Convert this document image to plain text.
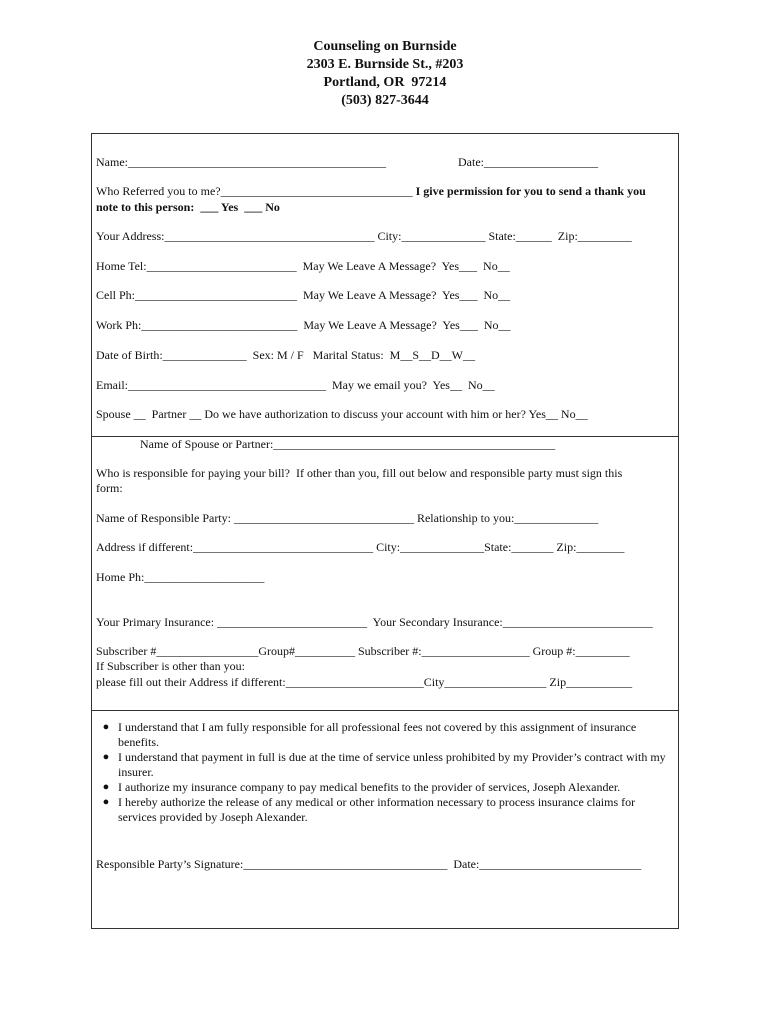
Counseling on Burnside
2303 E. Burnside St., #203
Portland, OR  97214
(503) 827-3644
Name:___________________________________________	Date:___________________
Who Referred you to me?________________________________ I give permission for you to send a thank you
note to this person:  ___ Yes  ___ No
Your Address:___________________________________ City:______________ State:______  Zip:_________
Home Tel:_________________________  May We Leave A Message?  Yes___  No__
Cell Ph:___________________________  May We Leave A Message?  Yes___  No__
Work Ph:__________________________  May We Leave A Message?  Yes___  No__
Date of Birth:______________  Sex: M / F   Marital Status:  M__S__D__W__
Email:_________________________________  May we email you?  Yes__  No__
Spouse __  Partner __ Do we have authorization to discuss your account with him or her? Yes__ No__
Name of Spouse or Partner:_______________________________________________
Who is responsible for paying your bill?  If other than you, fill out below and responsible party must sign this
form:
Name of Responsible Party: ______________________________ Relationship to you:______________
Address if different:______________________________ City:______________State:_______ Zip:________
Home Ph:____________________
Your Primary Insurance: _________________________  Your Secondary Insurance:_________________________
Subscriber #_________________Group#__________ Subscriber #:__________________ Group #:_________
If Subscriber is other than you:
please fill out their Address if different:_______________________City_________________ Zip___________
● I understand that I am fully responsible for all professional fees not covered by this assignment of insurance benefits.
● I understand that payment in full is due at the time of service unless prohibited by my Provider’s contract with my insurer.
● I authorize my insurance company to pay medical benefits to the provider of services, Joseph Alexander.
● I hereby authorize the release of any medical or other information necessary to process insurance claims for services provided by Joseph Alexander.
Responsible Party’s Signature:__________________________________  Date:___________________________
